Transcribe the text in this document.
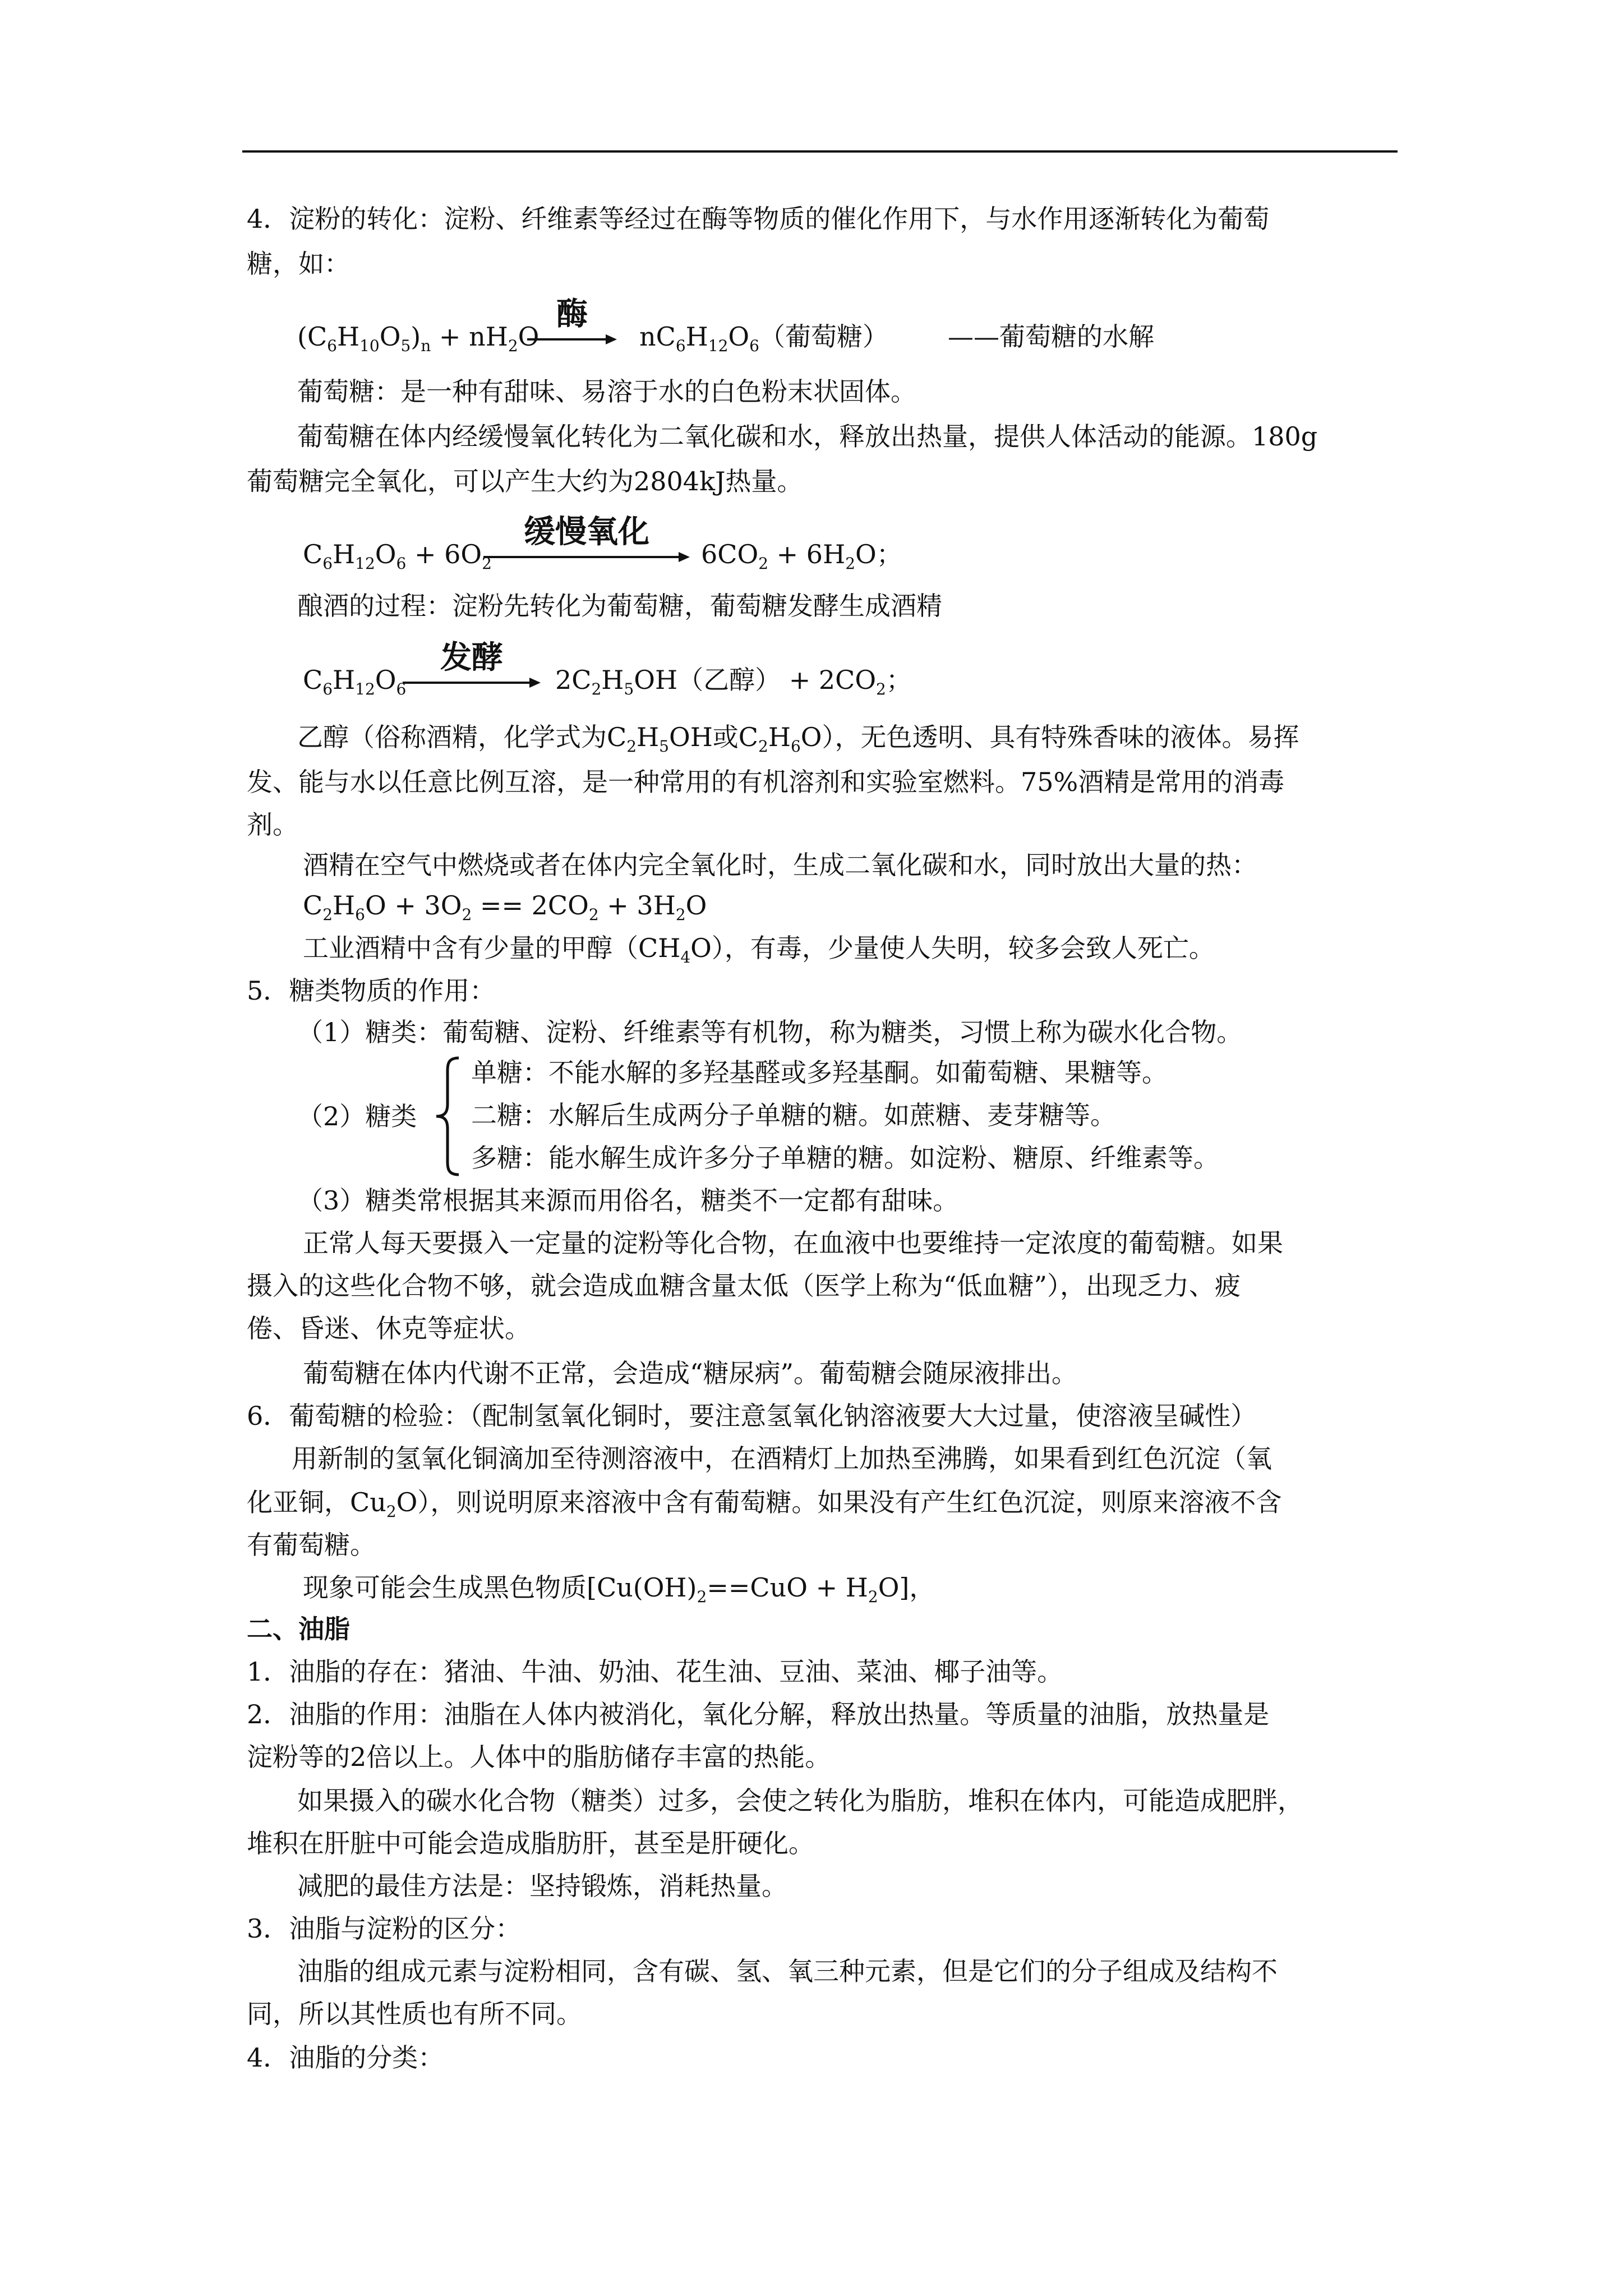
4．淀粉的转化：淀粉、纤维素等经过在酶等物质的催化作用下，与水作用逐渐转化为葡萄
糖，如：
$(C_6H_{10}O_5)_n + nH_2O$
酶
$nC_6H_{12}O_6$（葡萄糖） ——葡萄糖的水解
葡萄糖：是一种有甜味、易溶于水的白色粉末状固体。
葡萄糖在体内经缓慢氧化转化为二氧化碳和水，释放出热量，提供人体活动的能源。180g
葡萄糖完全氧化，可以产生大约为2804kJ热量。
$C_6H_{12}O_6 + 6O_2$
缓慢氧化
$6CO_2 + 6H_2O$；
酿酒的过程：淀粉先转化为葡萄糖，葡萄糖发酵生成酒精
$C_6H_{12}O_6$
发酵
$2C_2H_5OH$（乙醇） + $2CO_2$；
乙醇（俗称酒精，化学式为$C_2H_5OH$或$C_2H_6O$），无色透明、具有特殊香味的液体。易挥
发、能与水以任意比例互溶，是一种常用的有机溶剂和实验室燃料。75%酒精是常用的消毒
剂。
酒精在空气中燃烧或者在体内完全氧化时，生成二氧化碳和水，同时放出大量的热：
$C_2H_6O + 3O_2 == 2CO_2 + 3H_2O$
工业酒精中含有少量的甲醇$(CH_4O)$，有毒，少量使人失明，较多会致人死亡。
5．糖类物质的作用：
（1）糖类：葡萄糖、淀粉、纤维素等有机物，称为糖类，习惯上称为碳水化合物。
（2）糖类
单糖：不能水解的多羟基醛或多羟基酮。如葡萄糖、果糖等。
二糖：水解后生成两分子单糖的糖。如蔗糖、麦芽糖等。
多糖：能水解生成许多分子单糖的糖。如淀粉、糖原、纤维素等。
（3）糖类常根据其来源而用俗名，糖类不一定都有甜味。
正常人每天要摄入一定量的淀粉等化合物，在血液中也要维持一定浓度的葡萄糖。如果
摄入的这些化合物不够，就会造成血糖含量太低（医学上称为“低血糖”），出现乏力、疲
倦、昏迷、休克等症状。
葡萄糖在体内代谢不正常，会造成“糖尿病”。葡萄糖会随尿液排出。
6．葡萄糖的检验：（配制氢氧化铜时，要注意氢氧化钠溶液要大大过量，使溶液呈碱性）
用新制的氢氧化铜滴加至待测溶液中，在酒精灯上加热至沸腾，如果看到红色沉淀（氧
化亚铜，$Cu_2O$），则说明原来溶液中含有葡萄糖。如果没有产生红色沉淀，则原来溶液不含
有葡萄糖。
现象可能会生成黑色物质$[Cu(OH)_2==CuO + H_2O]$，
二、油脂
1．油脂的存在：猪油、牛油、奶油、花生油、豆油、菜油、椰子油等。
2．油脂的作用：油脂在人体内被消化，氧化分解，释放出热量。等质量的油脂，放热量是
淀粉等的2倍以上。人体中的脂肪储存丰富的热能。
如果摄入的碳水化合物（糖类）过多，会使之转化为脂肪，堆积在体内，可能造成肥胖，
堆积在肝脏中可能会造成脂肪肝，甚至是肝硬化。
减肥的最佳方法是：坚持锻炼，消耗热量。
3．油脂与淀粉的区分：
油脂的组成元素与淀粉相同，含有碳、氢、氧三种元素，但是它们的分子组成及结构不
同，所以其性质也有所不同。
4．油脂的分类：
